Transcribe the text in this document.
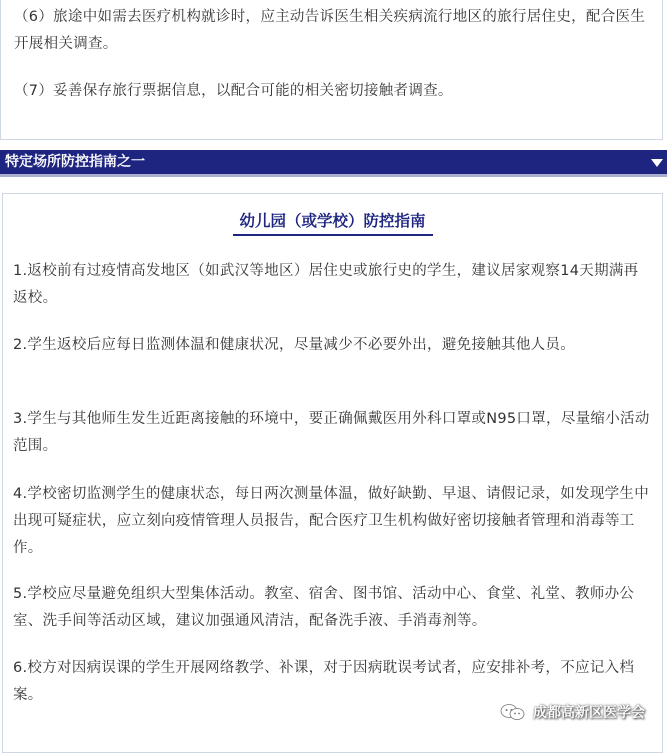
（6）旅途中如需去医疗机构就诊时，应主动告诉医生相关疾病流行地区的旅行居住史，配合医生开展相关调查。

（7）妥善保存旅行票据信息，以配合可能的相关密切接触者调查。

特定场所防控指南之一
幼儿园（或学校）防控指南

1.返校前有过疫情高发地区（如武汉等地区）居住史或旅行史的学生，建议居家观察14天期满再返校。

2.学生返校后应每日监测体温和健康状况，尽量减少不必要外出，避免接触其他人员。

3.学生与其他师生发生近距离接触的环境中，要正确佩戴医用外科口罩或N95口罩，尽量缩小活动范围。

4.学校密切监测学生的健康状态，每日两次测量体温，做好缺勤、早退、请假记录，如发现学生中出现可疑症状，应立刻向疫情管理人员报告，配合医疗卫生机构做好密切接触者管理和消毒等工作。

5.学校应尽量避免组织大型集体活动。教室、宿舍、图书馆、活动中心、食堂、礼堂、教师办公室、洗手间等活动区域，建议加强通风清洁，配备洗手液、手消毒剂等。

6.校方对因病误课的学生开展网络教学、补课，对于因病耽误考试者，应安排补考，不应记入档案。

成都高新区医学会
